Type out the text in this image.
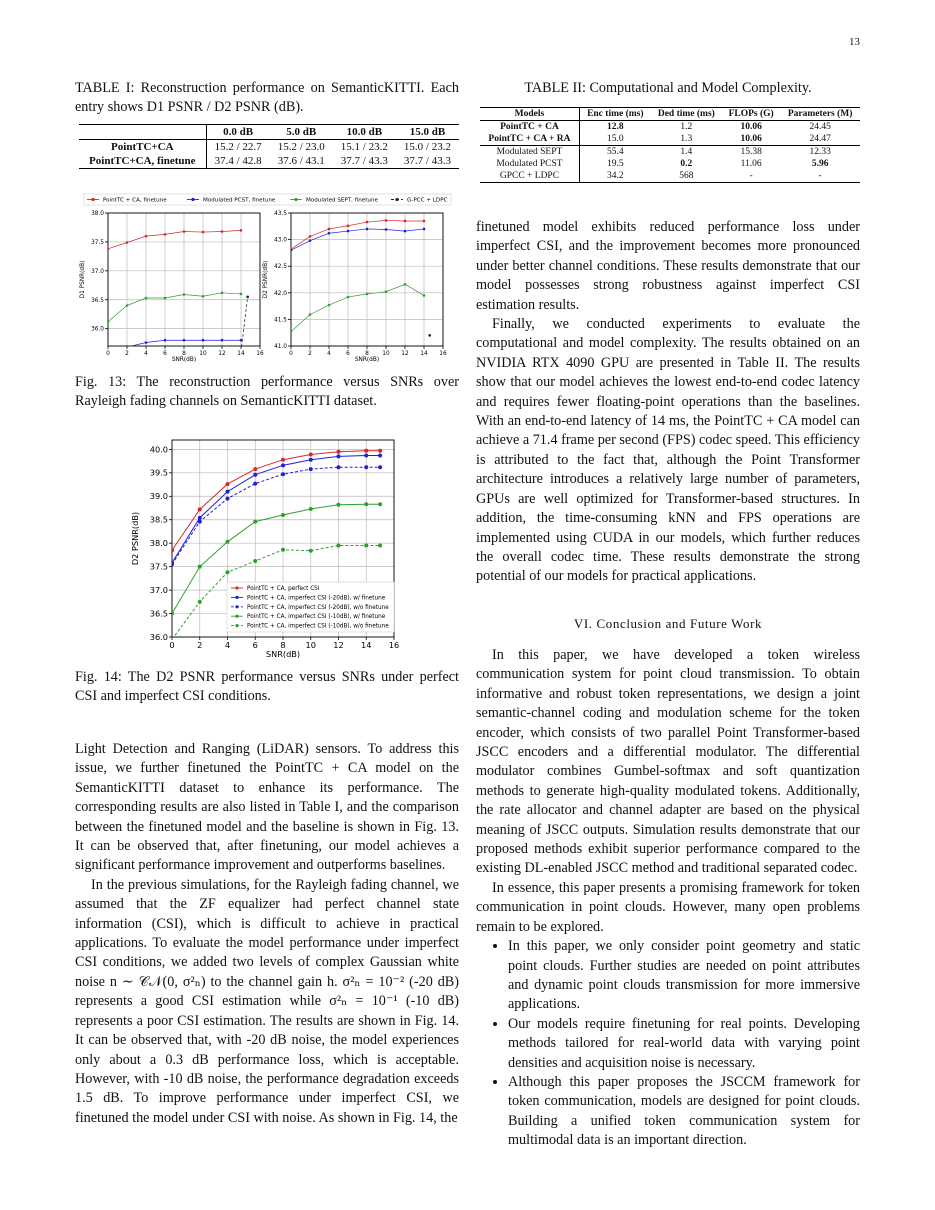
13
TABLE I: Reconstruction performance on SemanticKITTI. Each entry shows D1 PSNR / D2 PSNR (dB).
	0.0 dB	5.0 dB	10.0 dB	15.0 dB
PointTC+CA	15.2 / 22.7	15.2 / 23.0	15.1 / 23.2	15.0 / 23.2
PointTC+CA, finetune	37.4 / 42.8	37.6 / 43.1	37.7 / 43.3	37.7 / 43.3
PointTC + CA, finetune	Modulated PCST, finetune	Modulated SEPT, finetune	G-PCC + LDPC
0	2	4	6	8 10 12 14 16
36.0
36.5
37.0
37.5
38.0
SNR(dB)
D1 PSNR(dB)
0	2	4	6	8 10 12 14 16
41.0
41.5
42.0
42.5
43.0
43.5
SNR(dB)
D2 PSNR(dB)
Fig. 13: The reconstruction performance versus SNRs over Rayleigh fading channels on SemanticKITTI dataset.
0	2	4	6	8 10 12 14 16
36.0
36.5
37.0
37.5
38.0
38.5
39.0
39.5
40.0
SNR(dB)
D2 PSNR(dB)
PointTC + CA, perfect CSI
PointTC + CA, imperfect CSI (-20dB), w/ finetune
PointTC + CA, imperfect CSI (-20dB), w/o finetune
PointTC + CA, imperfect CSI (-10dB), w/ finetune
PointTC + CA, imperfect CSI (-10dB), w/o finetune
Fig. 14: The D2 PSNR performance versus SNRs under perfect CSI and imperfect CSI conditions.

Light Detection and Ranging (LiDAR) sensors. To address this issue, we further finetuned the PointTC + CA model on the SemanticKITTI dataset to enhance its performance. The corresponding results are also listed in Table I, and the comparison between the finetuned model and the baseline is shown in Fig. 13. It can be observed that, after finetuning, our model achieves a significant performance improvement and outperforms baselines.

In the previous simulations, for the Rayleigh fading channel, we assumed that the ZF equalizer had perfect channel state information (CSI), which is difficult to achieve in practical applications. To evaluate the model performance under imperfect CSI conditions, we added two levels of complex Gaussian white noise n ∼ 𝒞𝒩(0, σ²ₙ) to the channel gain h. σ²ₙ = 10⁻² (-20 dB) represents a good CSI estimation while σ²ₙ = 10⁻¹ (-10 dB) represents a poor CSI estimation. The results are shown in Fig. 14. It can be observed that, with -20 dB noise, the model experiences only about a 0.3 dB performance loss, which is acceptable. However, with -10 dB noise, the performance degradation exceeds 1.5 dB. To improve performance under imperfect CSI, we finetuned the model under CSI with noise. As shown in Fig. 14, the

TABLE II: Computational and Model Complexity.
Models	Enc time (ms)	Ded time (ms)	FLOPs (G)	Parameters (M)
PointTC + CA	12.8	1.2	10.06	24.45
PointTC + CA + RA	15.0	1.3	10.06	24.47
Modulated SEPT	55.4	1.4	15.38	12.33
Modulated PCST	19.5	0.2	11.06	5.96
GPCC + LDPC	34.2	568	-	-

finetuned model exhibits reduced performance loss under imperfect CSI, and the improvement becomes more pronounced under better channel conditions. These results demonstrate that our model possesses strong robustness against imperfect CSI estimation results.

Finally, we conducted experiments to evaluate the computational and model complexity. The results obtained on an NVIDIA RTX 4090 GPU are presented in Table II. The results show that our model achieves the lowest end-to-end codec latency and requires fewer floating-point operations than the baselines. With an end-to-end latency of 14 ms, the PointTC + CA model can achieve a 71.4 frame per second (FPS) codec speed. This efficiency is attributed to the fact that, although the Point Transformer architecture introduces a relatively large number of parameters, GPUs are well optimized for Transformer-based structures. In addition, the time-consuming kNN and FPS operations are implemented using CUDA in our models, which further reduces the overall codec time. These results demonstrate the strong potential of our models for practical applications.

VI. Conclusion and Future Work

In this paper, we have developed a token wireless communication system for point cloud transmission. To obtain informative and robust token representations, we design a joint semantic-channel coding and modulation scheme for the token encoder, which consists of two parallel Point Transformer-based JSCC encoders and a differential modulator. The differential modulator combines Gumbel-softmax and soft quantization methods to generate high-quality modulated tokens. Additionally, the rate allocator and channel adapter are based on the physical meaning of JSCC outputs. Simulation results demonstrate that our proposed methods exhibit superior performance compared to the existing DL-enabled JSCC method and traditional separated codec.

In essence, this paper presents a promising framework for token communication in point clouds. However, many open problems remain to be explored.

• In this paper, we only consider point geometry and static point clouds. Further studies are needed on point attributes and dynamic point clouds transmission for more immersive applications.
• Our models require finetuning for real points. Developing methods tailored for real-world data with varying point densities and acquisition noise is necessary.
• Although this paper proposes the JSCCM framework for token communication, models are designed for point clouds. Building a unified token communication system for multimodal data is an important direction.
